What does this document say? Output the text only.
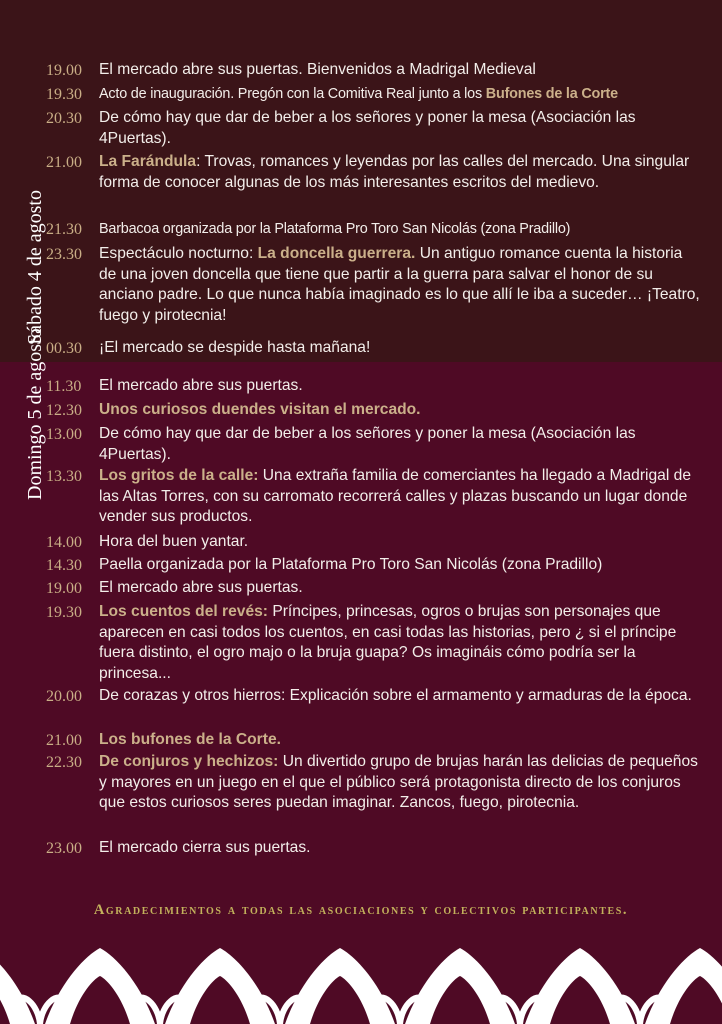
Sábado 4 de agosto
Domingo 5 de agosto
19.00 El mercado abre sus puertas. Bienvenidos a Madrigal Medieval
19.30 Acto de inauguración. Pregón con la Comitiva Real junto a los Bufones de la Corte
20.30 De cómo hay que dar de beber a los señores y poner la mesa (Asociación las 4Puertas).
21.00 La Farándula: Trovas, romances y leyendas por las calles del mercado. Una singular forma de conocer algunas de los más interesantes escritos del medievo.
21.30 Barbacoa organizada por la Plataforma Pro Toro San Nicolás (zona Pradillo)
23.30 Espectáculo nocturno: La doncella guerrera. Un antiguo romance cuenta la historia de una joven doncella que tiene que partir a la guerra para salvar el honor de su anciano padre. Lo que nunca había imaginado es lo que allí le iba a suceder… ¡Teatro, fuego y pirotecnia!
00.30 ¡El mercado se despide hasta mañana!
11.30 El mercado abre sus puertas.
12.30 Unos curiosos duendes visitan el mercado.
13.00 De cómo hay que dar de beber a los señores y poner la mesa (Asociación las 4Puertas).
13.30 Los gritos de la calle: Una extraña familia de comerciantes ha llegado a Madrigal de las Altas Torres, con su carromato recorrerá calles y plazas buscando un lugar donde vender sus productos.
14.00 Hora del buen yantar.
14.30 Paella organizada por la Plataforma Pro Toro San Nicolás (zona Pradillo)
19.00 El mercado abre sus puertas.
19.30 Los cuentos del revés: Príncipes, princesas, ogros o brujas son personajes que aparecen en casi todos los cuentos, en casi todas las historias, pero ¿ si el príncipe fuera distinto, el ogro majo o la bruja guapa? Os imagináis cómo podría ser la princesa...
20.00 De corazas y otros hierros: Explicación sobre el armamento y armaduras de la época.
21.00 Los bufones de la Corte.
22.30 De conjuros y hechizos: Un divertido grupo de brujas harán las delicias de pequeños y mayores en un juego en el que el público será protagonista directo de los conjuros que estos curiosos seres puedan imaginar. Zancos, fuego, pirotecnia.
23.00 El mercado cierra sus puertas.
Agradecimientos a todas las asociaciones y colectivos participantes.
